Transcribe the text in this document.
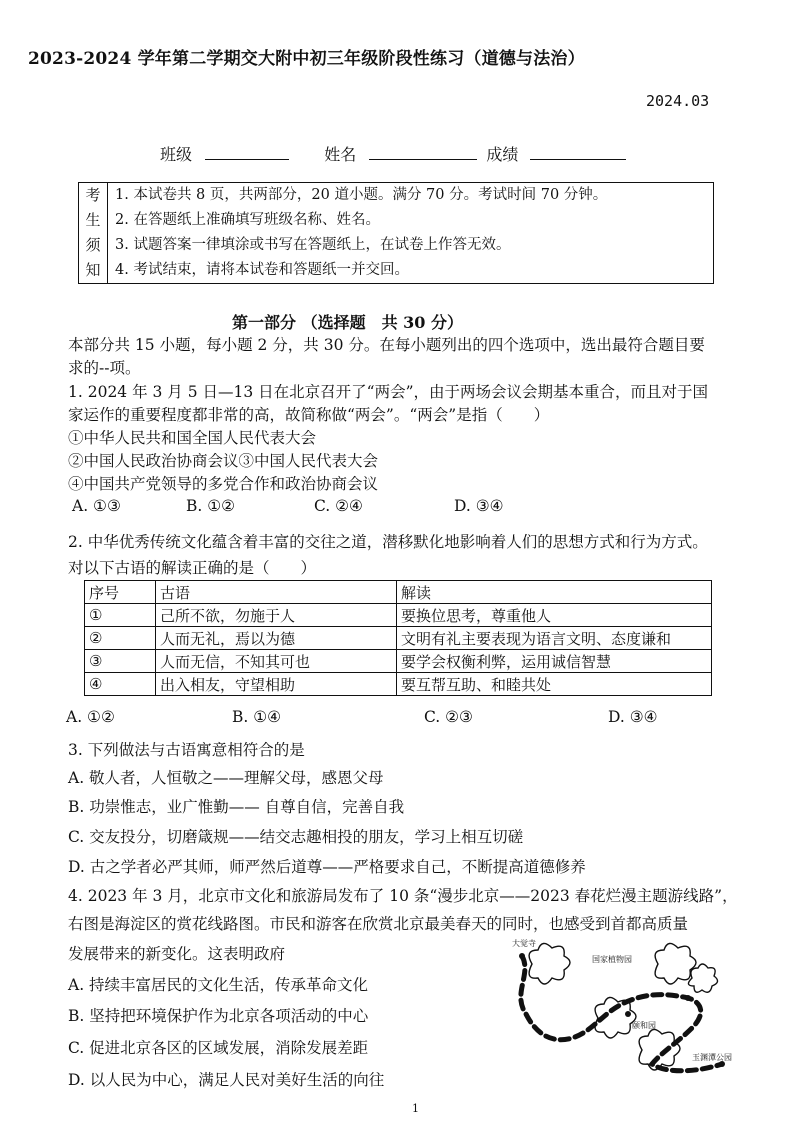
2023-2024 学年第二学期交大附中初三年级阶段性练习（道德与法治）
2024.03
班级	姓名	成绩
考
生
须
知
1. 本试卷共 8 页，共两部分，20 道小题。满分 70 分。考试时间 70 分钟。
2. 在答题纸上准确填写班级名称、姓名。
3. 试题答案一律填涂或书写在答题纸上，在试卷上作答无效。
4. 考试结束，请将本试卷和答题纸一并交回。
第一部分 （选择题　共 30 分）
本部分共 15 小题，每小题 2 分，共 30 分。在每小题列出的四个选项中，选出最符合题目要
求的--项。
1. 2024 年 3 月 5 日—13 日在北京召开了“两会”，由于两场会议会期基本重合，而且对于国
家运作的重要程度都非常的高，故简称做“两会”。“两会”是指（　　）
①中华人民共和国全国人民代表大会
②中国人民政治协商会议③中国人民代表大会
④中国共产党领导的多党合作和政治协商会议
A. ①③	B. ①②	C. ②④	D. ③④
2. 中华优秀传统文化蕴含着丰富的交往之道，潜移默化地影响着人们的思想方式和行为方式。
对以下古语的解读正确的是（　　）
序号	古语	解读
①	己所不欲，勿施于人	要换位思考，尊重他人
②	人而无礼，焉以为德	文明有礼主要表现为语言文明、态度谦和
③	人而无信，不知其可也	要学会权衡利弊，运用诚信智慧
④	出入相友，守望相助	要互帮互助、和睦共处
A. ①②	B. ①④	C. ②③	D. ③④
3. 下列做法与古语寓意相符合的是
A. 敬人者，人恒敬之——理解父母，感恩父母
B. 功崇惟志，业广惟勤—— 自尊自信，完善自我
C. 交友投分，切磨箴规——结交志趣相投的朋友，学习上相互切磋
D. 古之学者必严其师，师严然后道尊——严格要求自己，不断提高道德修养
4. 2023 年 3 月，北京市文化和旅游局发布了 10 条“漫步北京——2023 春花烂漫主题游线路”，
右图是海淀区的赏花线路图。市民和游客在欣赏北京最美春天的同时，也感受到首都高质量
发展带来的新变化。这表明政府
A. 持续丰富居民的文化生活，传承革命文化
B. 坚持把环境保护作为北京各项活动的中心
C. 促进北京各区的区域发展，消除发展差距
D. 以人民为中心，满足人民对美好生活的向往
大觉寺
国家植物园
颐和园
玉渊潭公园
1
